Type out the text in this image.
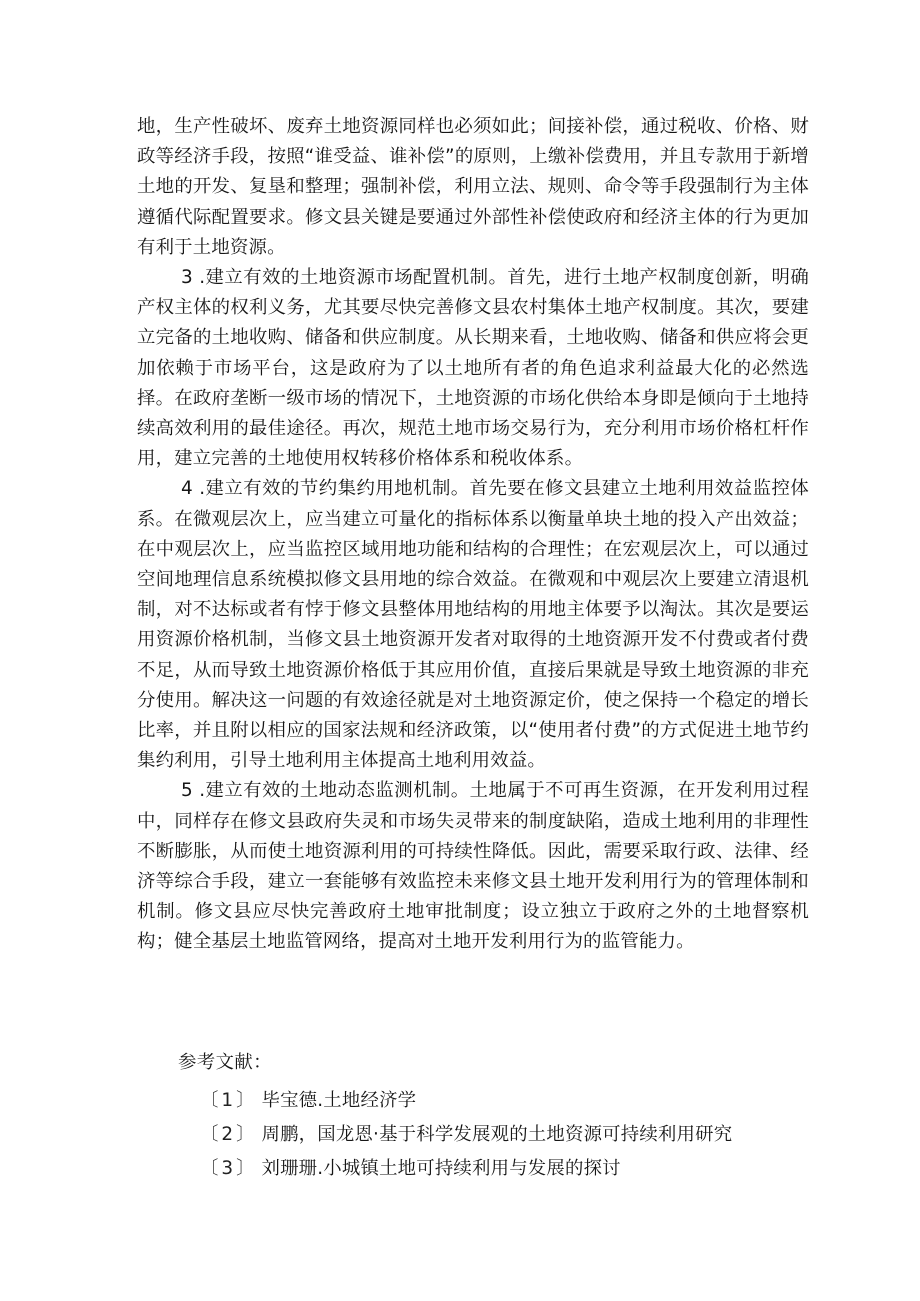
地，生产性破坏、废弃土地资源同样也必须如此；间接补偿，通过税收、价格、财政等经济手段，按照“谁受益、谁补偿”的原则，上缴补偿费用，并且专款用于新增土地的开发、复垦和整理；强制补偿，利用立法、规则、命令等手段强制行为主体遵循代际配置要求。修文县关键是要通过外部性补偿使政府和经济主体的行为更加有利于土地资源。

3 .建立有效的土地资源市场配置机制。首先，进行土地产权制度创新，明确产权主体的权利义务，尤其要尽快完善修文县农村集体土地产权制度。其次，要建立完备的土地收购、储备和供应制度。从长期来看，土地收购、储备和供应将会更加依赖于市场平台，这是政府为了以土地所有者的角色追求利益最大化的必然选择。在政府垄断一级市场的情况下，土地资源的市场化供给本身即是倾向于土地持续高效利用的最佳途径。再次，规范土地市场交易行为，充分利用市场价格杠杆作用，建立完善的土地使用权转移价格体系和税收体系。

4 .建立有效的节约集约用地机制。首先要在修文县建立土地利用效益监控体系。在微观层次上，应当建立可量化的指标体系以衡量单块土地的投入产出效益；在中观层次上，应当监控区域用地功能和结构的合理性；在宏观层次上，可以通过空间地理信息系统模拟修文县用地的综合效益。在微观和中观层次上要建立清退机制，对不达标或者有悖于修文县整体用地结构的用地主体要予以淘汰。其次是要运用资源价格机制，当修文县土地资源开发者对取得的土地资源开发不付费或者付费不足，从而导致土地资源价格低于其应用价值，直接后果就是导致土地资源的非充分使用。解决这一问题的有效途径就是对土地资源定价，使之保持一个稳定的增长比率，并且附以相应的国家法规和经济政策，以“使用者付费”的方式促进土地节约集约利用，引导土地利用主体提高土地利用效益。

5 .建立有效的土地动态监测机制。土地属于不可再生资源，在开发利用过程中，同样存在修文县政府失灵和市场失灵带来的制度缺陷，造成土地利用的非理性不断膨胀，从而使土地资源利用的可持续性降低。因此，需要采取行政、法律、经济等综合手段，建立一套能够有效监控未来修文县土地开发利用行为的管理体制和机制。修文县应尽快完善政府土地审批制度；设立独立于政府之外的土地督察机构；健全基层土地监管网络，提高对土地开发利用行为的监管能力。

参考文献：

〔1〕 毕宝德.土地经济学
〔2〕 周鹏，国龙恩·基于科学发展观的土地资源可持续利用研究
〔3〕 刘珊珊.小城镇土地可持续利用与发展的探讨
